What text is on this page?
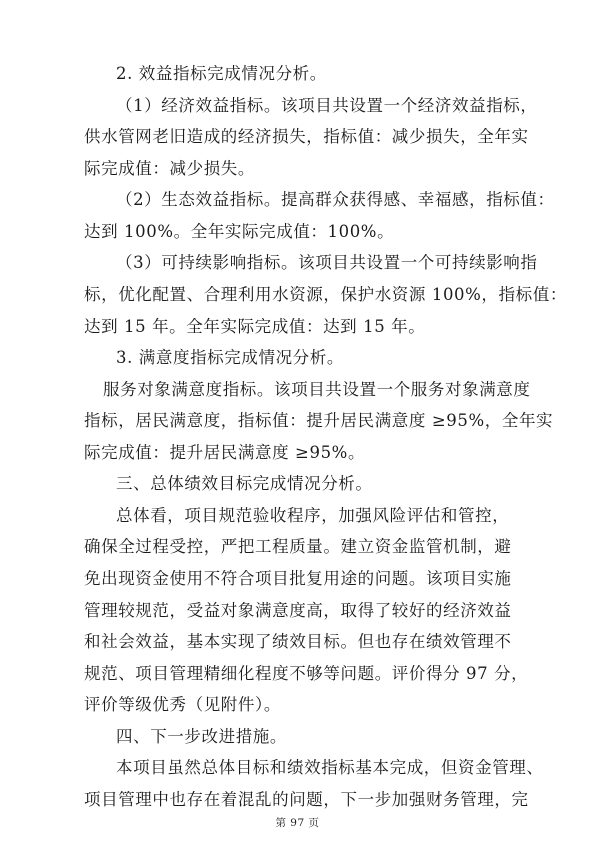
2. 效益指标完成情况分析。
（1）经济效益指标。该项目共设置一个经济效益指标，
供水管网老旧造成的经济损失，指标值：减少损失，全年实
际完成值：减少损失。
（2）生态效益指标。提高群众获得感、幸福感，指标值：
达到 100%。全年实际完成值：100%。
（3）可持续影响指标。该项目共设置一个可持续影响指
标，优化配置、合理利用水资源，保护水资源 100%，指标值：
达到 15 年。全年实际完成值：达到 15 年。
3. 满意度指标完成情况分析。
服务对象满意度指标。该项目共设置一个服务对象满意度
指标，居民满意度，指标值：提升居民满意度 ≥95%，全年实
际完成值：提升居民满意度 ≥95%。
三、总体绩效目标完成情况分析。
总体看，项目规范验收程序，加强风险评估和管控，
确保全过程受控，严把工程质量。建立资金监管机制，避
免出现资金使用不符合项目批复用途的问题。该项目实施
管理较规范，受益对象满意度高，取得了较好的经济效益
和社会效益，基本实现了绩效目标。但也存在绩效管理不
规范、项目管理精细化程度不够等问题。评价得分 97 分，
评价等级优秀（见附件）。
四、下一步改进措施。
本项目虽然总体目标和绩效指标基本完成，但资金管理、
项目管理中也存在着混乱的问题，下一步加强财务管理，完
第 97 页
